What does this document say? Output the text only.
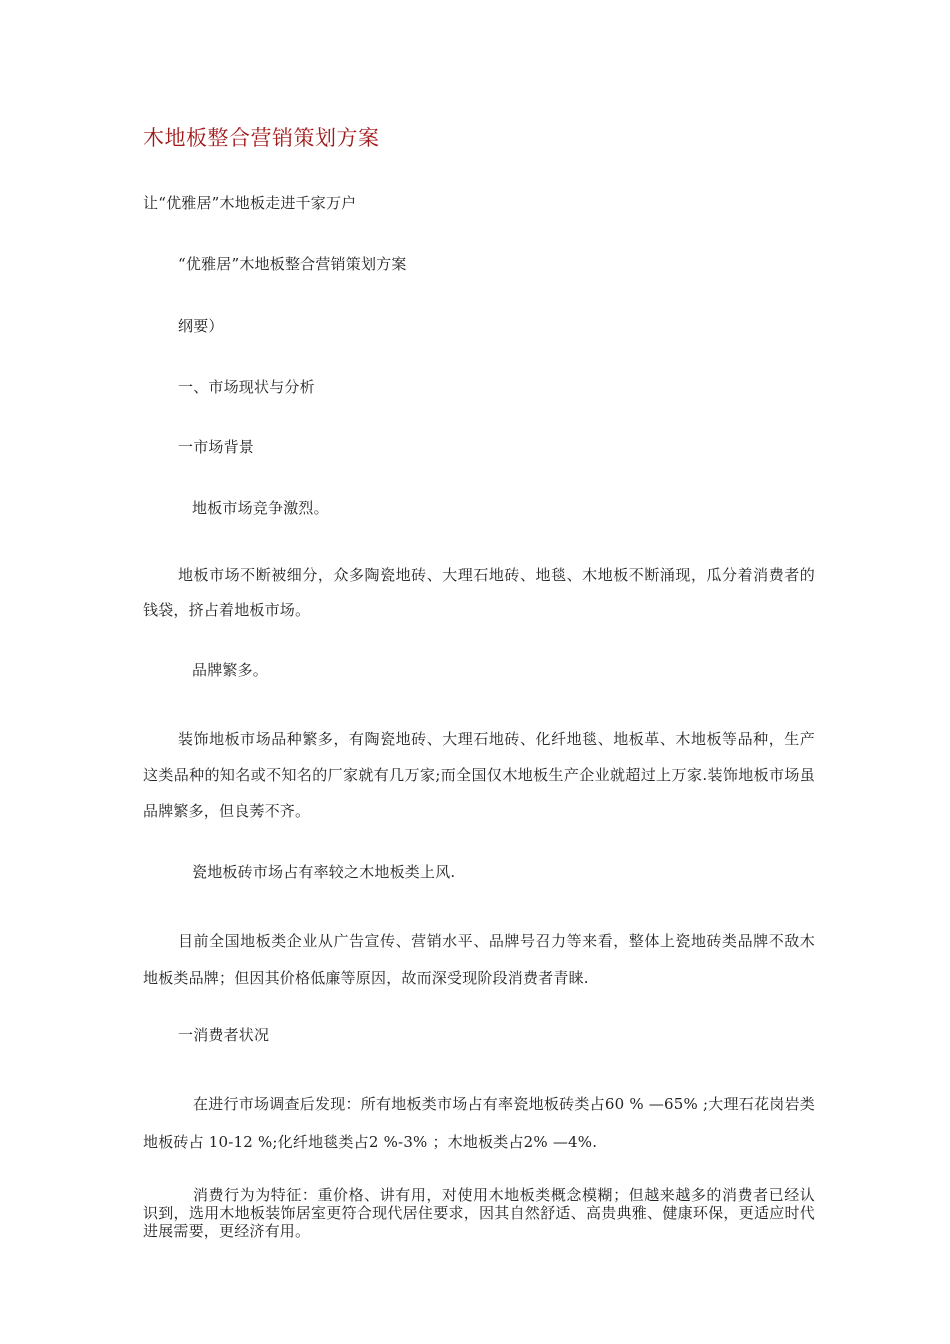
木地板整合营销策划方案
让“优雅居”木地板走进千家万户
“优雅居”木地板整合营销策划方案
纲要）
一、市场现状与分析
一市场背景
地板市场竞争激烈。
地板市场不断被细分，众多陶瓷地砖、大理石地砖、地毯、木地板不断涌现，瓜分着消费者的钱袋，挤占着地板市场。
品牌繁多。
装饰地板市场品种繁多，有陶瓷地砖、大理石地砖、化纤地毯、地板革、木地板等品种，生产这类品种的知名或不知名的厂家就有几万家;而全国仅木地板生产企业就超过上万家.装饰地板市场虽品牌繁多，但良莠不齐。
瓷地板砖市场占有率较之木地板类上风.
目前全国地板类企业从广告宣传、营销水平、品牌号召力等来看，整体上瓷地砖类品牌不敌木地板类品牌；但因其价格低廉等原因，故而深受现阶段消费者青睐.
一消费者状况
在进行市场调查后发现：所有地板类市场占有率瓷地板砖类占60 % —65% ;大理石花岗岩类地板砖占 10-12 %;化纤地毯类占2 %-3% ；木地板类占2% —4%.
消费行为为特征：重价格、讲有用，对使用木地板类概念模糊；但越来越多的消费者已经认识到，选用木地板装饰居室更符合现代居住要求，因其自然舒适、高贵典雅、健康环保，更适应时代进展需要，更经济有用。
